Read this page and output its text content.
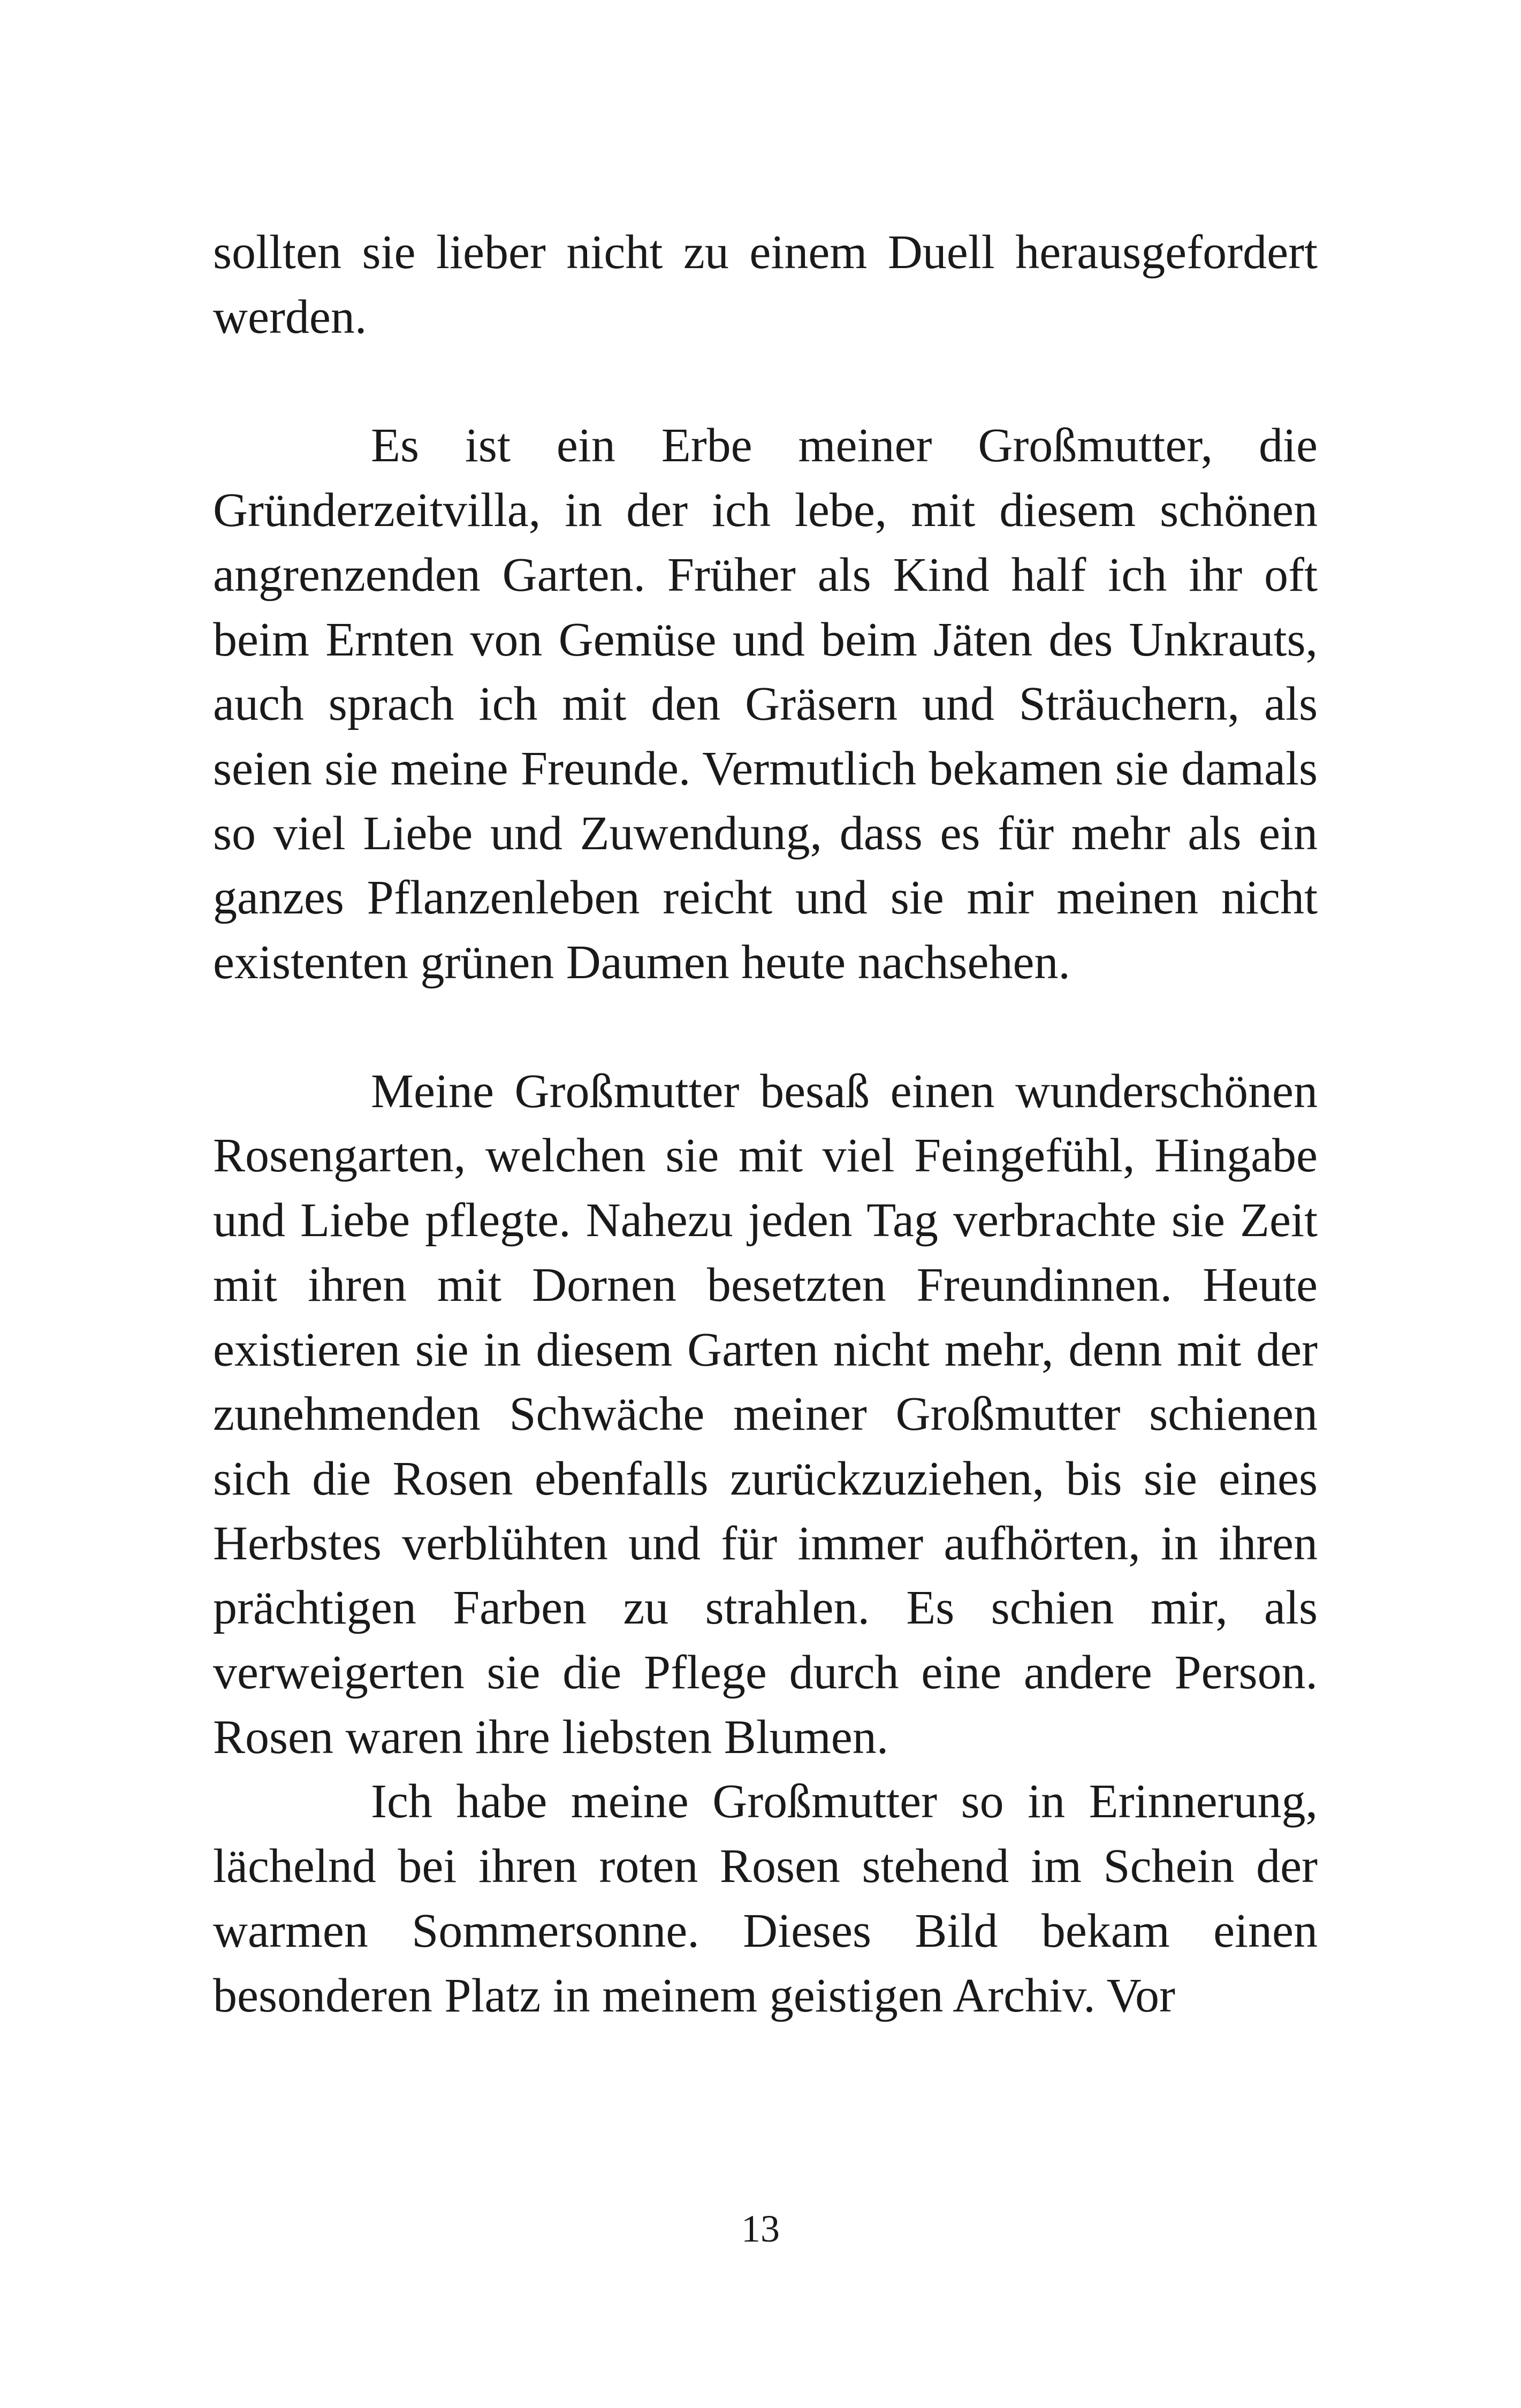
sollten sie lieber nicht zu einem Duell herausgefordert werden.

Es ist ein Erbe meiner Großmutter, die Gründerzeitvilla, in der ich lebe, mit diesem schönen angrenzenden Garten. Früher als Kind half ich ihr oft beim Ernten von Gemüse und beim Jäten des Unkrauts, auch sprach ich mit den Gräsern und Sträuchern, als seien sie meine Freunde. Vermutlich bekamen sie damals so viel Liebe und Zuwendung, dass es für mehr als ein ganzes Pflanzenleben reicht und sie mir meinen nicht existenten grünen Daumen heute nachsehen.

Meine Großmutter besaß einen wunderschönen Rosengarten, welchen sie mit viel Feingefühl, Hingabe und Liebe pflegte. Nahezu jeden Tag verbrachte sie Zeit mit ihren mit Dornen besetzten Freundinnen. Heute existieren sie in diesem Garten nicht mehr, denn mit der zunehmenden Schwäche meiner Großmutter schienen sich die Rosen ebenfalls zurückzuziehen, bis sie eines Herbstes verblühten und für immer aufhörten, in ihren prächtigen Farben zu strahlen. Es schien mir, als verweigerten sie die Pflege durch eine andere Person. Rosen waren ihre liebsten Blumen.

Ich habe meine Großmutter so in Erinnerung, lächelnd bei ihren roten Rosen stehend im Schein der warmen Sommersonne. Dieses Bild bekam einen besonderen Platz in meinem geistigen Archiv. Vor

13
